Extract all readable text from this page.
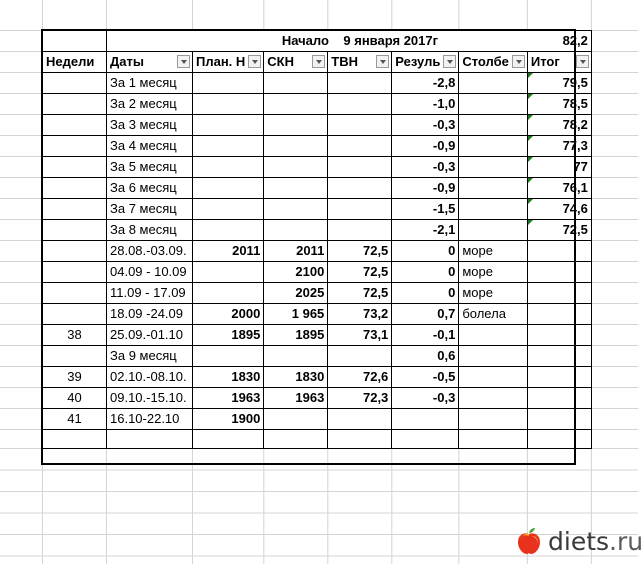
		Начало 9 января 2017г					82,2
Недели	Даты	План. Н	СКН	ТВН	Резуль	Столбе	Итог

	За 1 месяц				-2,8		79,5
	За 2 месяц				-1,0		78,5
	За 3 месяц				-0,3		78,2
	За 4 месяц				-0,9		77,3
	За 5 месяц				-0,3		77
	За 6 месяц				-0,9		76,1
	За 7 месяц				-1,5		74,6
	За 8 месяц				-2,1		72,5
	28.08.-03.09.	2011	2011	72,5	0	море	
	04.09 - 10.09		2100	72,5	0	море	
	11.09 - 17.09		2025	72,5	0	море	
	18.09 -24.09	2000	1 965	73,2	0,7	болела	
38	25.09.-01.10	1895	1895	73,1	-0,1		
	За 9 месяц				0,6		
39	02.10.-08.10.	1830	1830	72,6	-0,5		
40	09.10.-15.10.	1963	1963	72,3	-0,3		
41	16.10-22.10	1900					

diets.ru
